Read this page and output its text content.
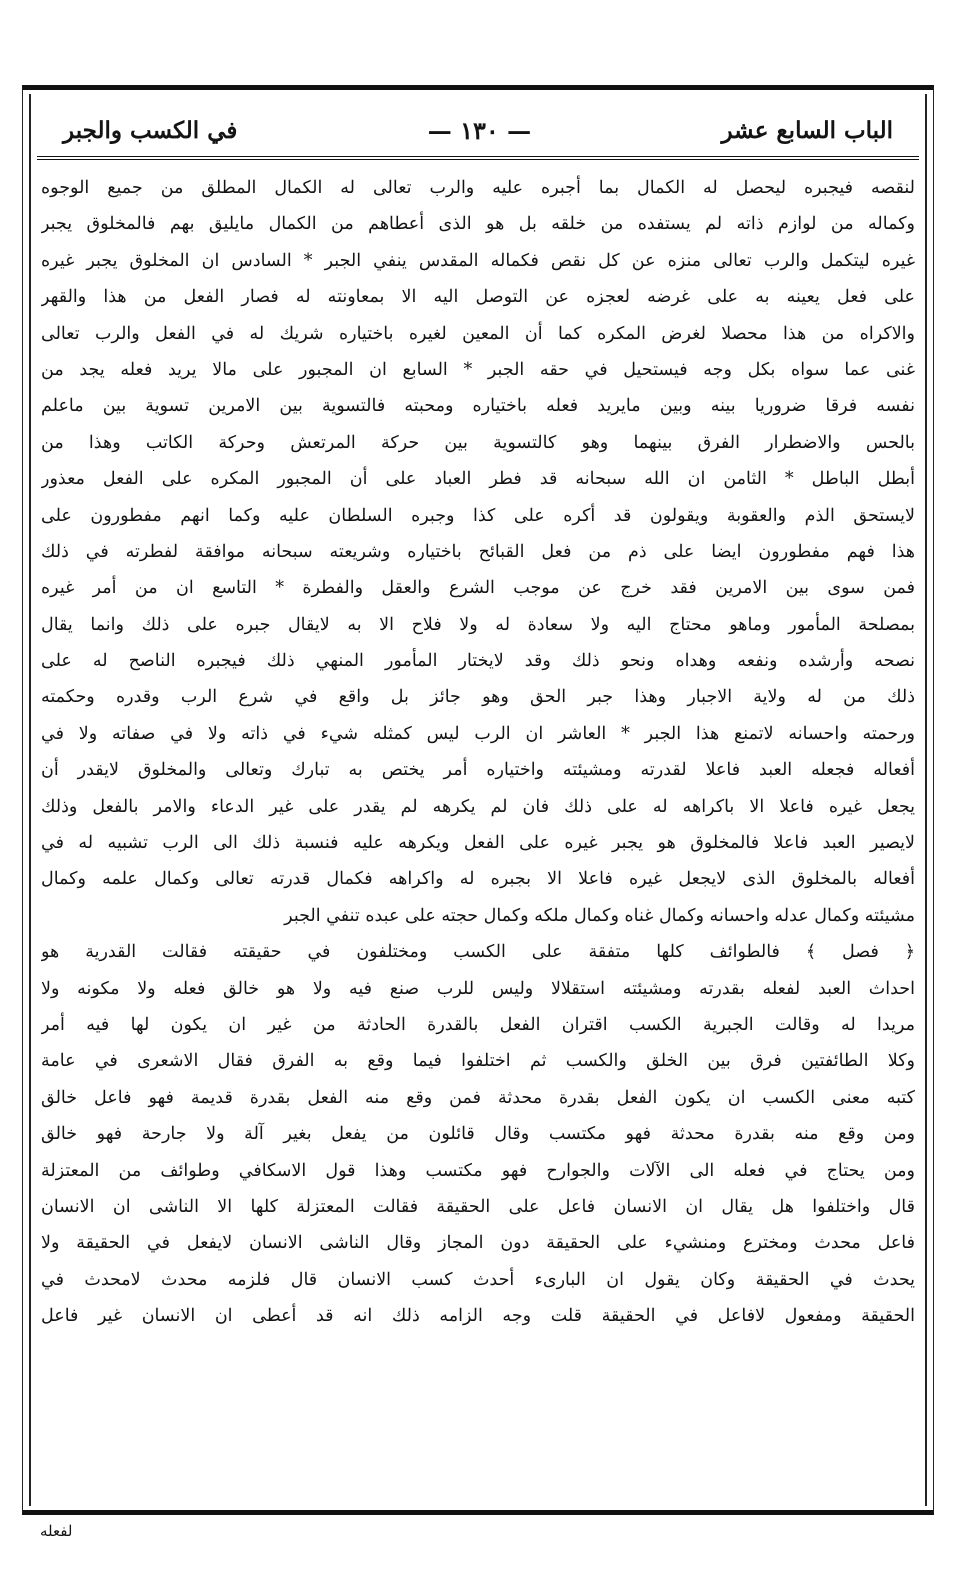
الباب السابع عشر
— ١٣٠ —
في الكسب والجبر
لنقصه فيجبره ليحصل له الكمال بما أجبره عليه والرب تعالى له الكمال المطلق من جميع الوجوه
وكماله من لوازم ذاته لم يستفده من خلقه بل هو الذى أعطاهم من الكمال مايليق بهم فالمخلوق يجبر
غيره ليتكمل والرب تعالى منزه عن كل نقص فكماله المقدس ينفي الجبر * السادس ان المخلوق يجبر غيره
على فعل يعينه به على غرضه لعجزه عن التوصل اليه الا بمعاونته له فصار الفعل من هذا والقهر
والاكراه من هذا محصلا لغرض المكره كما أن المعين لغيره باختياره شريك له في الفعل والرب تعالى
غنى عما سواه بكل وجه فيستحيل في حقه الجبر * السابع ان المجبور على مالا يريد فعله يجد من
نفسه فرقا ضروريا بينه وبين مايريد فعله باختياره ومحبته فالتسوية بين الامرين تسوية بين ماعلم
بالحس والاضطرار الفرق بينهما وهو كالتسوية بين حركة المرتعش وحركة الكاتب وهذا من
أبطل الباطل * الثامن ان الله سبحانه قد فطر العباد على أن المجبور المكره على الفعل معذور
لايستحق الذم والعقوبة ويقولون قد أكره على كذا وجبره السلطان عليه وكما انهم مفطورون على
هذا فهم مفطورون ايضا على ذم من فعل القبائح باختياره وشريعته سبحانه موافقة لفطرته في ذلك
فمن سوى بين الامرين فقد خرج عن موجب الشرع والعقل والفطرة * التاسع ان من أمر غيره
بمصلحة المأمور وماهو محتاج اليه ولا سعادة له ولا فلاح الا به لايقال جبره على ذلك وانما يقال
نصحه وأرشده ونفعه وهداه ونحو ذلك وقد لايختار المأمور المنهي ذلك فيجبره الناصح له على
ذلك من له ولاية الاجبار وهذا جبر الحق وهو جائز بل واقع في شرع الرب وقدره وحكمته
ورحمته واحسانه لاتمنع هذا الجبر * العاشر ان الرب ليس كمثله شيء في ذاته ولا في صفاته ولا في
أفعاله فجعله العبد فاعلا لقدرته ومشيئته واختياره أمر يختص به تبارك وتعالى والمخلوق لايقدر أن
يجعل غيره فاعلا الا باكراهه له على ذلك فان لم يكرهه لم يقدر على غير الدعاء والامر بالفعل وذلك
لايصير العبد فاعلا فالمخلوق هو يجبر غيره على الفعل ويكرهه عليه فنسبة ذلك الى الرب تشبيه له في
أفعاله بالمخلوق الذى لايجعل غيره فاعلا الا بجبره له واكراهه فكمال قدرته تعالى وكمال علمه وكمال
مشيئته وكمال عدله واحسانه وكمال غناه وكمال ملكه وكمال حجته على عبده تنفي الجبر
﴿ فصل ﴾ فالطوائف كلها متفقة على الكسب ومختلفون في حقيقته فقالت القدرية هو
احداث العبد لفعله بقدرته ومشيئته استقلالا وليس للرب صنع فيه ولا هو خالق فعله ولا مكونه ولا
مريدا له وقالت الجبرية الكسب اقتران الفعل بالقدرة الحادثة من غير ان يكون لها فيه أمر
وكلا الطائفتين فرق بين الخلق والكسب ثم اختلفوا فيما وقع به الفرق فقال الاشعرى في عامة
كتبه معنى الكسب ان يكون الفعل بقدرة محدثة فمن وقع منه الفعل بقدرة قديمة فهو فاعل خالق
ومن وقع منه بقدرة محدثة فهو مكتسب وقال قائلون من يفعل بغير آلة ولا جارحة فهو خالق
ومن يحتاج في فعله الى الآلات والجوارح فهو مكتسب وهذا قول الاسكافي وطوائف من المعتزلة
قال واختلفوا هل يقال ان الانسان فاعل على الحقيقة فقالت المعتزلة كلها الا الناشى ان الانسان
فاعل محدث ومخترع ومنشيء على الحقيقة دون المجاز وقال الناشى الانسان لايفعل في الحقيقة ولا
يحدث في الحقيقة وكان يقول ان البارىء أحدث كسب الانسان قال فلزمه محدث لامحدث في
الحقيقة ومفعول لافاعل في الحقيقة قلت وجه الزامه ذلك انه قد أعطى ان الانسان غير فاعل
لفعله
